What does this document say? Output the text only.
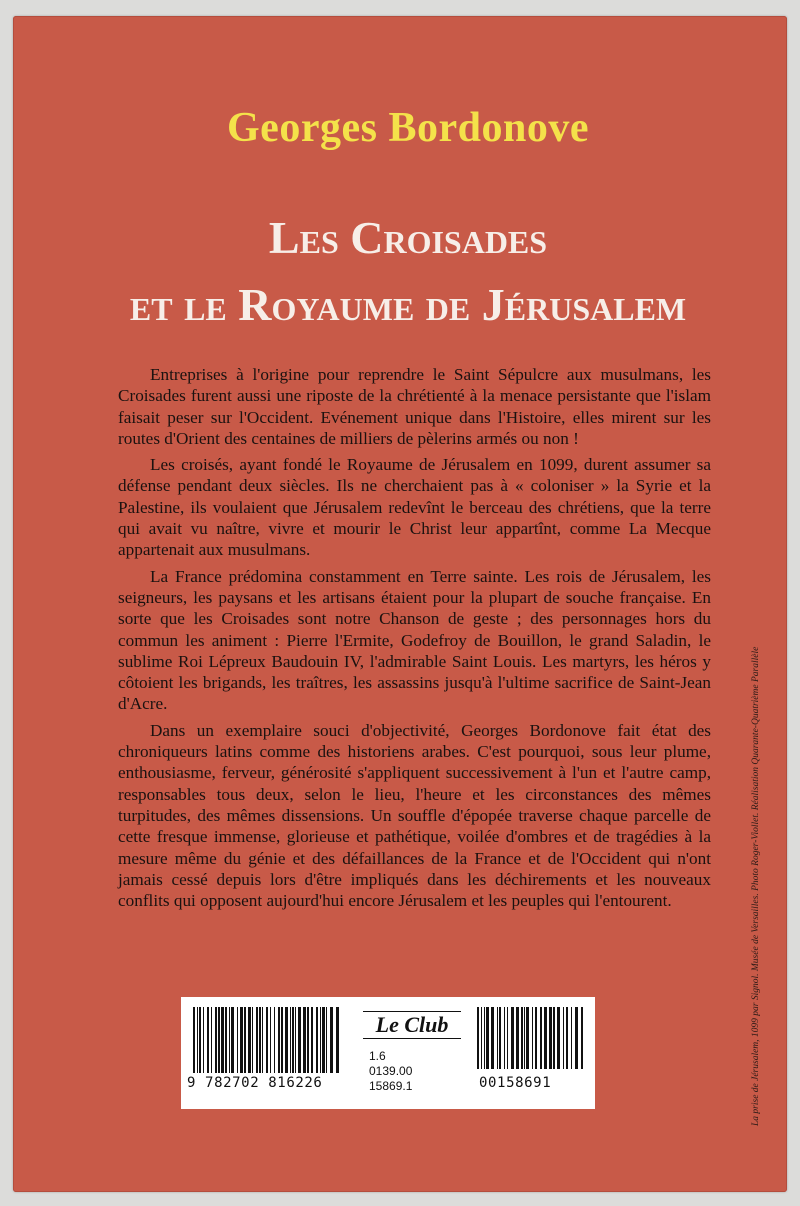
Georges Bordonove
Les Croisades
et le Royaume de Jérusalem

Entreprises à l'origine pour reprendre le Saint Sépulcre aux musulmans, les Croisades furent aussi une riposte de la chrétienté à la menace persistante que l'islam faisait peser sur l'Occident. Evénement unique dans l'Histoire, elles mirent sur les routes d'Orient des centaines de milliers de pèlerins armés ou non !

Les croisés, ayant fondé le Royaume de Jérusalem en 1099, durent assumer sa défense pendant deux siècles. Ils ne cherchaient pas à « coloniser » la Syrie et la Palestine, ils voulaient que Jérusalem redevînt le berceau des chrétiens, que la terre qui avait vu naître, vivre et mourir le Christ leur appartînt, comme La Mecque appartenait aux musulmans.

La France prédomina constamment en Terre sainte. Les rois de Jérusalem, les seigneurs, les paysans et les artisans étaient pour la plupart de souche française. En sorte que les Croisades sont notre Chanson de geste ; des personnages hors du commun les animent : Pierre l'Ermite, Godefroy de Bouillon, le grand Saladin, le sublime Roi Lépreux Baudouin IV, l'admirable Saint Louis. Les martyrs, les héros y côtoient les brigands, les traîtres, les assassins jusqu'à l'ultime sacrifice de Saint-Jean d'Acre.

Dans un exemplaire souci d'objectivité, Georges Bordonove fait état des chroniqueurs latins comme des historiens arabes. C'est pourquoi, sous leur plume, enthousiasme, ferveur, générosité s'appliquent successivement à l'un et l'autre camp, responsables tous deux, selon le lieu, l'heure et les circonstances des mêmes turpitudes, des mêmes dissensions. Un souffle d'épopée traverse chaque parcelle de cette fresque immense, glorieuse et pathétique, voilée d'ombres et de tragédies à la mesure même du génie et des défaillances de la France et de l'Occident qui n'ont jamais cessé depuis lors d'être impliqués dans les déchirements et les nouveaux conflits qui opposent aujourd'hui encore Jérusalem et les peuples qui l'entourent.	La prise de Jérusalem, 1099 par Signol. Musée de Versailles. Photo Roger-Viollet. Réalisation Quarante-Quatrième Parallèle
9 782702 816226
Le Club
1.6
0139.00
15869.1	00158691
